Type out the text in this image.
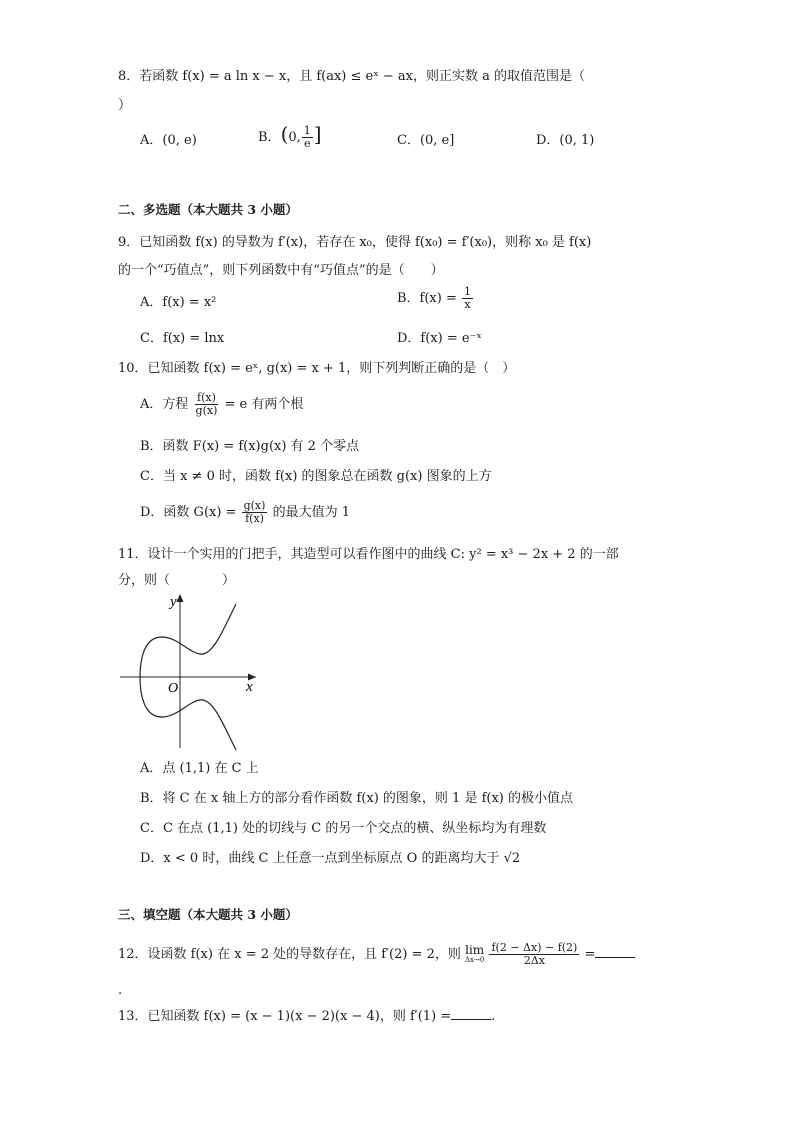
8．若函数 f(x) = a ln x − x，且 f(ax) ≤ eˣ − ax，则正实数 a 的取值范围是（
）
A．(0, e)	B．(0, $\frac{1}{e}$ ]	C．(0, e]	D．(0, 1)
二、多选题（本大题共 3 小题）
9．已知函数 f(x) 的导数为 f′(x)，若存在 x₀，使得 f(x₀) = f′(x₀)，则称 x₀ 是 f(x)
的一个“巧值点”，则下列函数中有“巧值点”的是（　　）
A．f(x) = x²	B．$f(x) = \frac{1}{x}$
C．f(x) = lnx	D．f(x) = e⁻ˣ
10．已知函数 f(x) = eˣ, g(x) = x + 1，则下列判断正确的是（　）
A．方程 $\frac{f(x)}{g(x)} = e$ 有两个根
B．函数 F(x) = f(x)g(x) 有 2 个零点
C．当 x ≠ 0 时，函数 f(x) 的图象总在函数 g(x) 图象的上方
D．函数 $G(x) = \frac{g(x)}{f(x)}$ 的最大值为 1
11．设计一个实用的门把手，其造型可以看作图中的曲线 C: y² = x³ − 2x + 2 的一部
分，则（　　　　）
y
x
O
A．点 (1,1) 在 C 上
B．将 C 在 x 轴上方的部分看作函数 f(x) 的图象，则 1 是 f(x) 的极小值点
C．C 在点 (1,1) 处的切线与 C 的另一个交点的横、纵坐标均为有理数
D．x < 0 时，曲线 C 上任意一点到坐标原点 O 的距离均大于 √2
三、填空题（本大题共 3 小题）
12．设函数 f(x) 在 x = 2 处的导数存在，且 f′(2) = 2，则 lim
Δx→0
$\frac{f(2 - \Delta x) - f(2)}{2\Delta x}$ =
.
13．已知函数 f(x) = (x − 1)(x − 2)(x − 4)，则 f′(1) =	.
